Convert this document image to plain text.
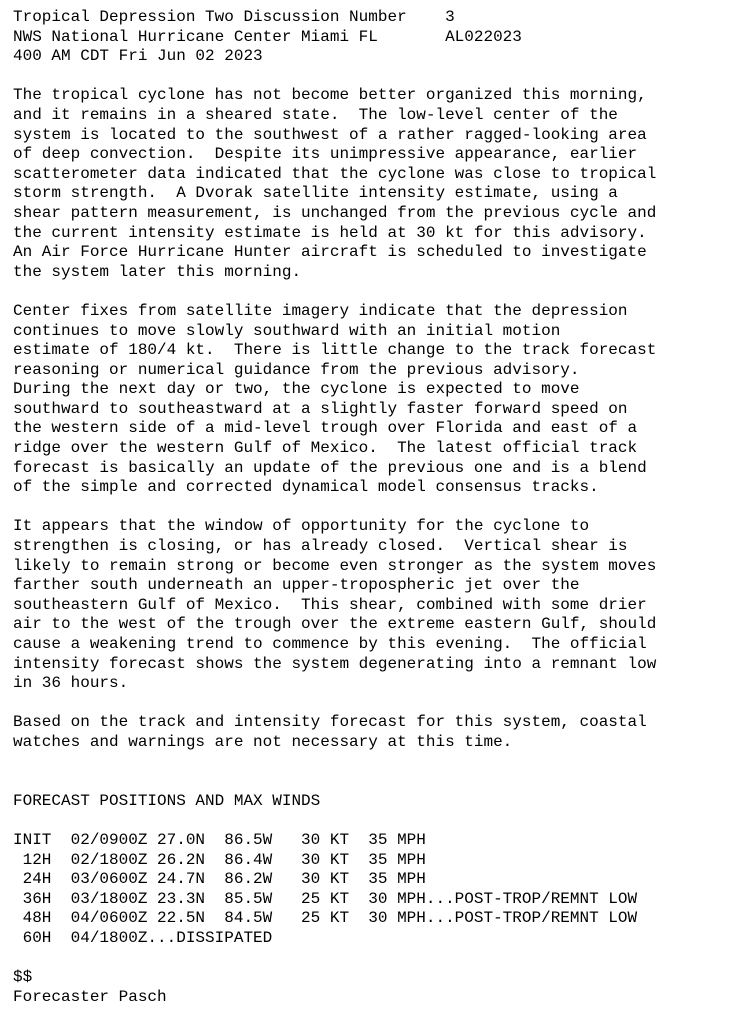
Tropical Depression Two Discussion Number    3
NWS National Hurricane Center Miami FL       AL022023
400 AM CDT Fri Jun 02 2023
The tropical cyclone has not become better organized this morning,
and it remains in a sheared state.  The low-level center of the
system is located to the southwest of a rather ragged-looking area
of deep convection.  Despite its unimpressive appearance, earlier
scatterometer data indicated that the cyclone was close to tropical
storm strength.  A Dvorak satellite intensity estimate, using a
shear pattern measurement, is unchanged from the previous cycle and
the current intensity estimate is held at 30 kt for this advisory.
An Air Force Hurricane Hunter aircraft is scheduled to investigate
the system later this morning.
Center fixes from satellite imagery indicate that the depression
continues to move slowly southward with an initial motion
estimate of 180/4 kt.  There is little change to the track forecast
reasoning or numerical guidance from the previous advisory.
During the next day or two, the cyclone is expected to move
southward to southeastward at a slightly faster forward speed on
the western side of a mid-level trough over Florida and east of a
ridge over the western Gulf of Mexico.  The latest official track
forecast is basically an update of the previous one and is a blend
of the simple and corrected dynamical model consensus tracks.
It appears that the window of opportunity for the cyclone to
strengthen is closing, or has already closed.  Vertical shear is
likely to remain strong or become even stronger as the system moves
farther south underneath an upper-tropospheric jet over the
southeastern Gulf of Mexico.  This shear, combined with some drier
air to the west of the trough over the extreme eastern Gulf, should
cause a weakening trend to commence by this evening.  The official
intensity forecast shows the system degenerating into a remnant low
in 36 hours.
Based on the track and intensity forecast for this system, coastal
watches and warnings are not necessary at this time.
FORECAST POSITIONS AND MAX WINDS
INIT  02/0900Z 27.0N  86.5W   30 KT  35 MPH
12H  02/1800Z 26.2N  86.4W   30 KT  35 MPH
24H  03/0600Z 24.7N  86.2W   30 KT  35 MPH
36H  03/1800Z 23.3N  85.5W   25 KT  30 MPH...POST-TROP/REMNT LOW
48H  04/0600Z 22.5N  84.5W   25 KT  30 MPH...POST-TROP/REMNT LOW
60H  04/1800Z...DISSIPATED
$$
Forecaster Pasch
